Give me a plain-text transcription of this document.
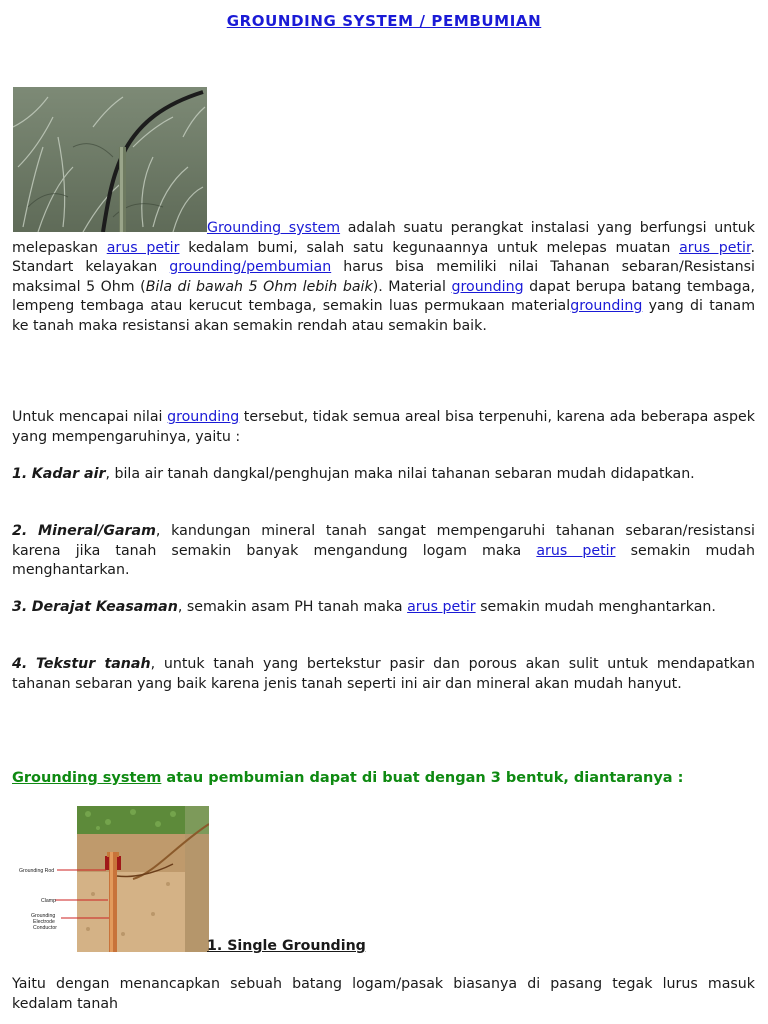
GROUNDING SYSTEM / PEMBUMIAN

Grounding system adalah suatu perangkat instalasi yang berfungsi untuk melepaskan arus petir kedalam bumi, salah satu kegunaannya untuk melepas muatan arus petir. Standart kelayakan grounding/pembumian harus bisa memiliki nilai Tahanan sebaran/Resistansi maksimal 5 Ohm (Bila di bawah 5 Ohm lebih baik). Material grounding dapat berupa batang tembaga, lempeng tembaga atau kerucut tembaga, semakin luas permukaan materialgrounding yang di tanam ke tanah maka resistansi akan semakin rendah atau semakin baik.

Untuk mencapai nilai grounding tersebut, tidak semua areal bisa terpenuhi, karena ada beberapa aspek yang mempengaruhinya, yaitu :

1. Kadar air, bila air tanah dangkal/penghujan maka nilai tahanan sebaran mudah didapatkan.

2. Mineral/Garam, kandungan mineral tanah sangat mempengaruhi tahanan sebaran/resistansi karena jika tanah semakin banyak mengandung logam maka arus petir semakin mudah menghantarkan.

3. Derajat Keasaman, semakin asam PH tanah maka arus petir semakin mudah menghantarkan.

4. Tekstur tanah, untuk tanah yang bertekstur pasir dan porous akan sulit untuk mendapatkan tahanan sebaran yang baik karena jenis tanah seperti ini air dan mineral akan mudah hanyut.

Grounding system atau pembumian dapat di buat dengan 3 bentuk, diantaranya :

Grounding Rod
Clamp
Grounding
Electrode
Conductor

1. Single Grounding

Yaitu dengan menancapkan sebuah batang logam/pasak biasanya di pasang tegak lurus masuk kedalam tanah
